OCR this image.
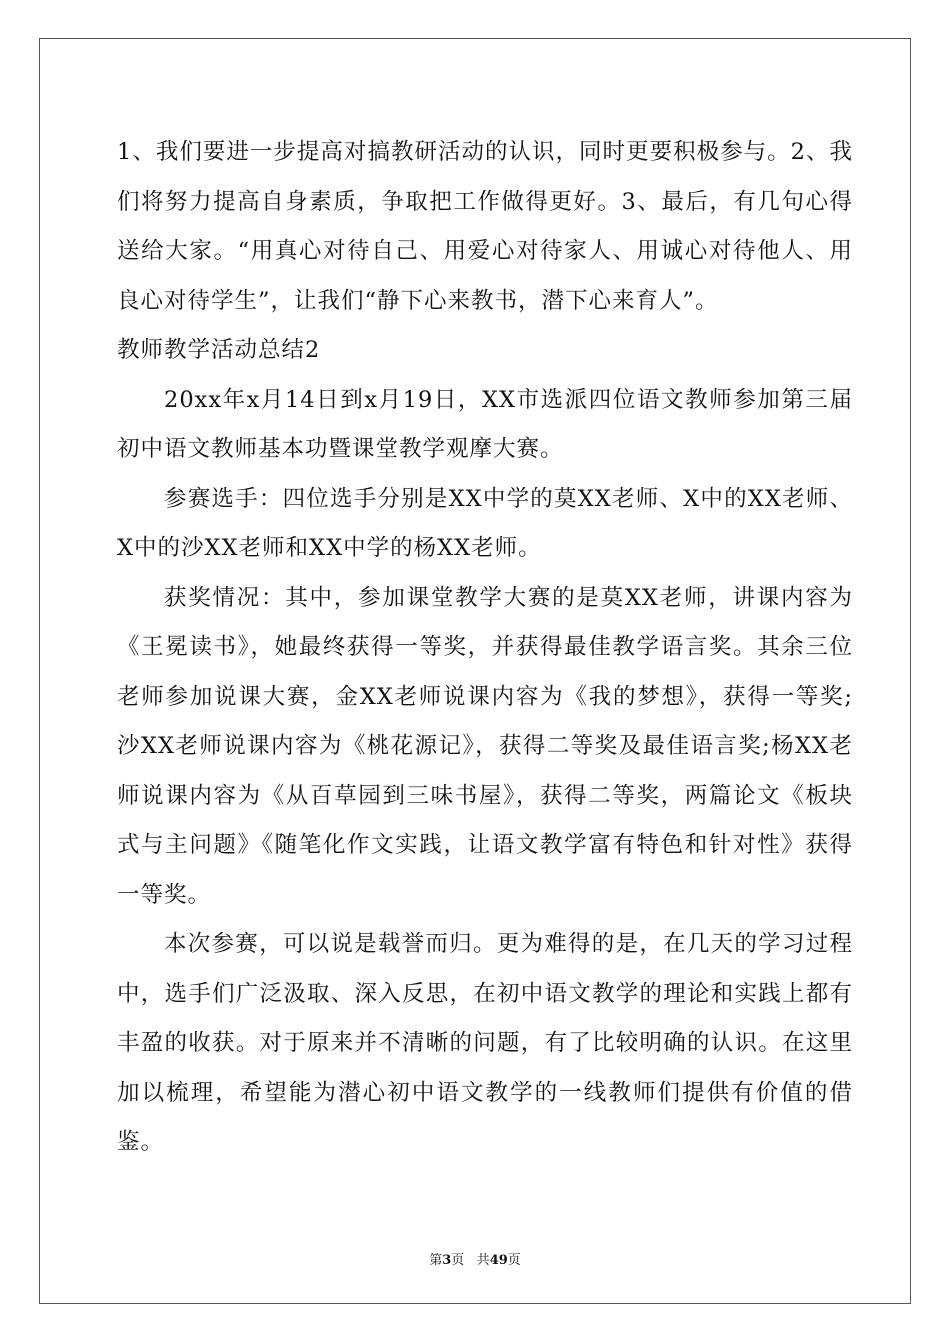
1、我们要进一步提高对搞教研活动的认识，同时更要积极参与。2、我们将努力提高自身素质，争取把工作做得更好。3、最后，有几句心得送给大家。“用真心对待自己、用爱心对待家人、用诚心对待他人、用良心对待学生”，让我们“静下心来教书，潜下心来育人”。

教师教学活动总结2

20xx年x月14日到x月19日，XX市选派四位语文教师参加第三届初中语文教师基本功暨课堂教学观摩大赛。

参赛选手：四位选手分别是XX中学的莫XX老师、X中的XX老师、X中的沙XX老师和XX中学的杨XX老师。

获奖情况：其中，参加课堂教学大赛的是莫XX老师，讲课内容为《王冕读书》，她最终获得一等奖，并获得最佳教学语言奖。其余三位老师参加说课大赛，金XX老师说课内容为《我的梦想》，获得一等奖;沙XX老师说课内容为《桃花源记》，获得二等奖及最佳语言奖;杨XX老师说课内容为《从百草园到三味书屋》，获得二等奖，两篇论文《板块式与主问题》《随笔化作文实践，让语文教学富有特色和针对性》获得一等奖。

本次参赛，可以说是载誉而归。更为难得的是，在几天的学习过程中，选手们广泛汲取、深入反思，在初中语文教学的理论和实践上都有丰盈的收获。对于原来并不清晰的问题，有了比较明确的认识。在这里加以梳理，希望能为潜心初中语文教学的一线教师们提供有价值的借鉴。

第3页 共49页
